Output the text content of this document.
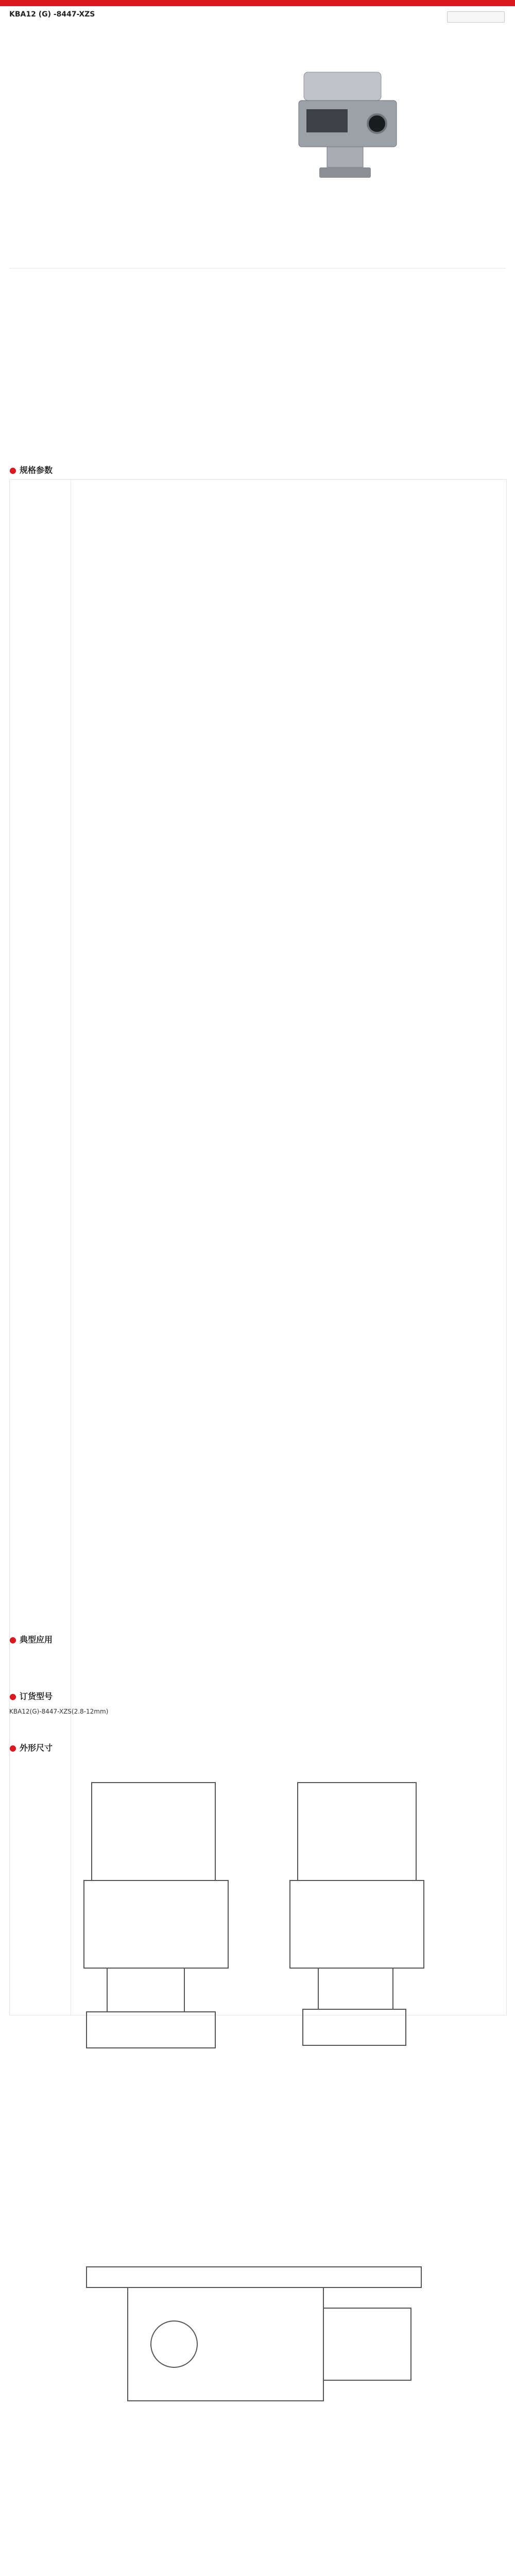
KBA12 (G) -8447-XZS
● 规格参数
● 典型应用
● 订货型号
KBA12(G)-8447-XZS(2.8-12mm)
● 外形尺寸
